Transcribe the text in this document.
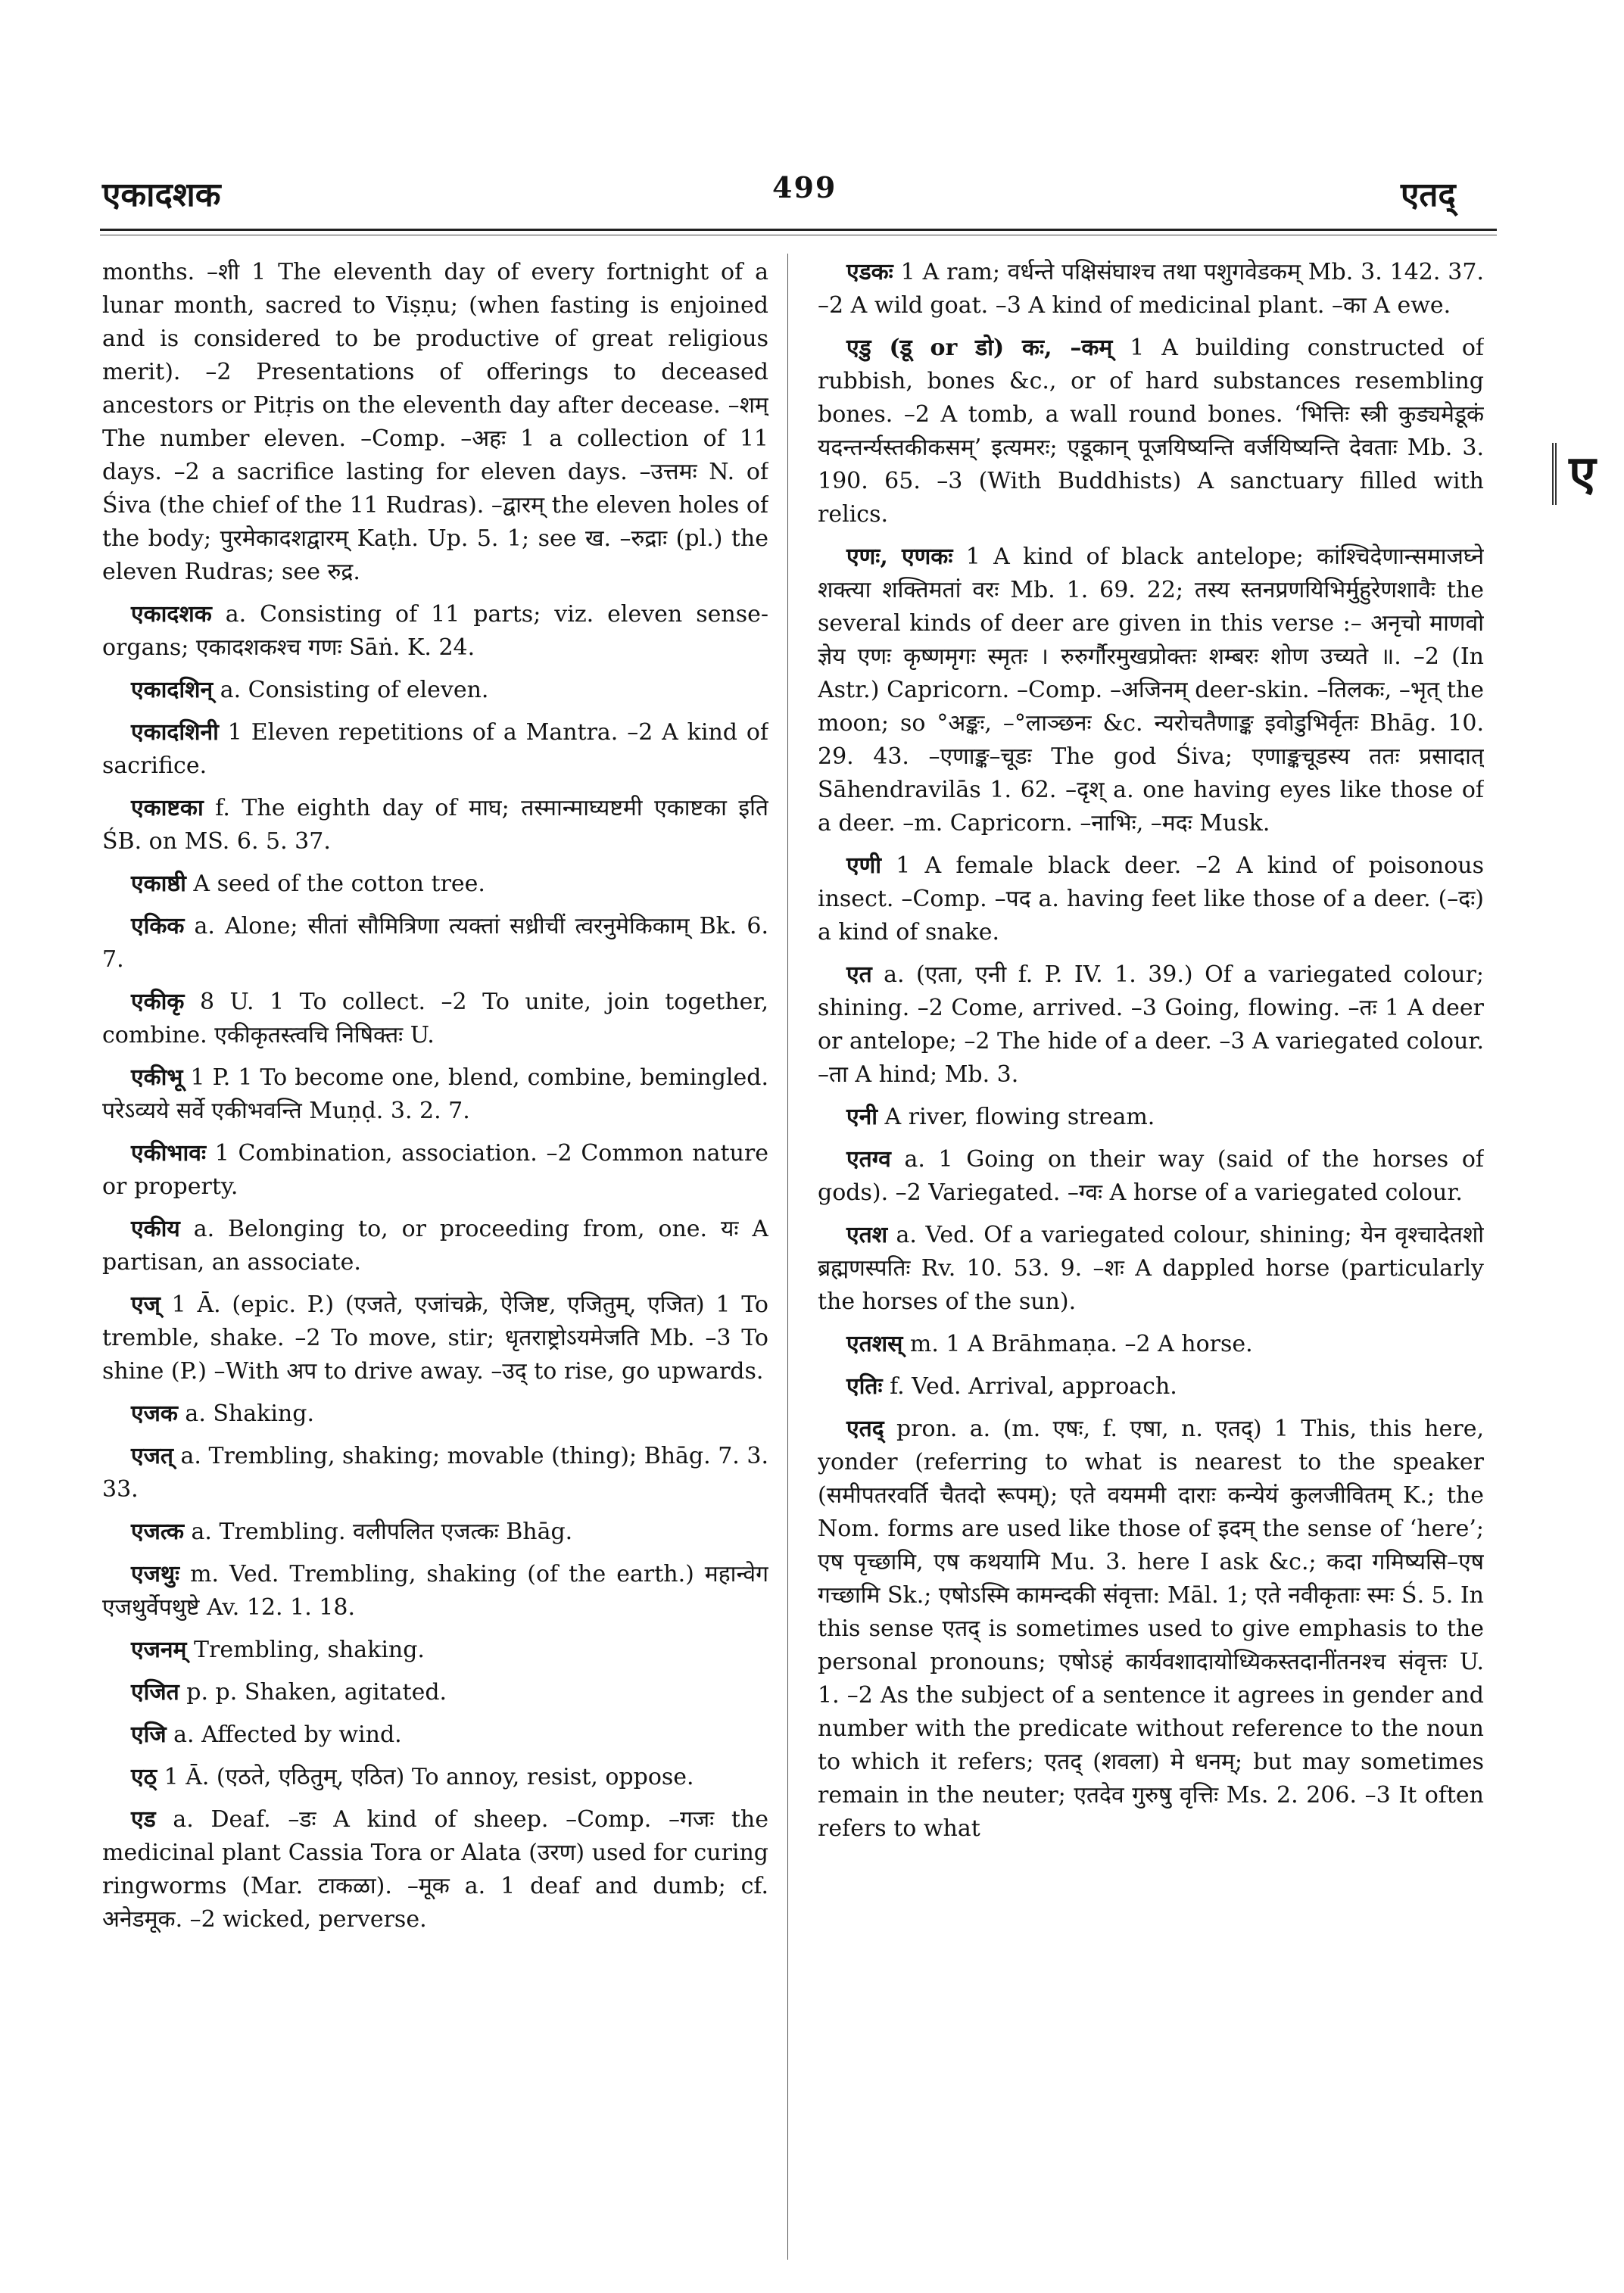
एकादशक	499	एतद्
ए

months. –शी 1 The eleventh day of every fortnight of a lunar month, sacred to Viṣṇu; (when fasting is enjoined and is considered to be productive of great religious merit). –2 Presentations of offerings to deceased ancestors or Pitṛis on the eleventh day after decease. –शम् The number eleven. –Comp. –अहः 1 a collection of 11 days. –2 a sacrifice lasting for eleven days. –उत्तमः N. of Śiva (the chief of the 11 Rudras). –द्वारम् the eleven holes of the body; पुरमेकादशद्वारम् Kaṭh. Up. 5. 1; see ख. –रुद्राः (pl.) the eleven Rudras; see रुद्र.

एकादशक a. Consisting of 11 parts; viz. eleven sense-organs; एकादशकश्च गणः Sāṅ. K. 24.

एकादशिन् a. Consisting of eleven.

एकादशिनी 1 Eleven repetitions of a Mantra. –2 A kind of sacrifice.

एकाष्टका f. The eighth day of माघ; तस्मान्माघ्यष्टमी एकाष्टका इति ŚB. on MS. 6. 5. 37.

एकाष्ठी A seed of the cotton tree.

एकिक a. Alone; सीतां सौमित्रिणा त्यक्तां सध्रीचीं त्वरनुमेकिकाम् Bk. 6. 7.

एकीकृ 8 U. 1 To collect. –2 To unite, join together, combine. एकीकृतस्त्वचि निषिक्तः U.

एकीभू 1 P. 1 To become one, blend, combine, bemingled. परेऽव्यये सर्वे एकीभवन्ति Muṇḍ. 3. 2. 7.

एकीभावः 1 Combination, association. –2 Common nature or property.

एकीय a. Belonging to, or proceeding from, one. यः A partisan, an associate.

एज् 1 Ā. (epic. P.) (एजते, एजांचक्रे, ऐजिष्ट, एजितुम्, एजित) 1 To tremble, shake. –2 To move, stir; धृतराष्ट्रोऽयमेजति Mb. –3 To shine (P.) –With अप to drive away. –उद् to rise, go upwards.

एजक a. Shaking.

एजत् a. Trembling, shaking; movable (thing); Bhāg. 7. 3. 33.

एजत्क a. Trembling. वलीपलित एजत्कः Bhāg.

एजथुः m. Ved. Trembling, shaking (of the earth.) महान्वेग एजथुर्वेपथुष्टे Av. 12. 1. 18.

एजनम् Trembling, shaking.

एजित p. p. Shaken, agitated.

एजि a. Affected by wind.

एठ् 1 Ā. (एठते, एठितुम्, एठित) To annoy, resist, oppose.

एड a. Deaf. –डः A kind of sheep. –Comp. –गजः the medicinal plant Cassia Tora or Alata (उरण) used for curing ringworms (Mar. टाकळा). –मूक a. 1 deaf and dumb; cf. अनेडमूक. –2 wicked, perverse.

एडकः 1 A ram; वर्धन्ते पक्षिसंघाश्च तथा पशुगवेडकम् Mb. 3. 142. 37. –2 A wild goat. –3 A kind of medicinal plant. –का A ewe.

एडु (डू or डो) कः, –कम् 1 A building constructed of rubbish, bones &c., or of hard substances resembling bones. –2 A tomb, a wall round bones. ‘भित्तिः स्त्री कुड्यमेडूकं यदन्तर्न्यस्तकीकसम्’ इत्यमरः; एडूकान् पूजयिष्यन्ति वर्जयिष्यन्ति देवताः Mb. 3. 190. 65. –3 (With Buddhists) A sanctuary filled with relics.

एणः, एणकः 1 A kind of black antelope; कांश्चिदेणान्समाजघ्ने शक्त्या शक्तिमतां वरः Mb. 1. 69. 22; तस्य स्तनप्रणयिभिर्मुहुरेणशावैः the several kinds of deer are given in this verse :– अनृचो माणवो ज्ञेय एणः कृष्णमृगः स्मृतः । रुरुर्गौरमुखप्रोक्तः शम्बरः शोण उच्यते ॥. –2 (In Astr.) Capricorn. –Comp. –अजिनम् deer-skin. –तिलकः, –भृत् the moon; so °अङ्कः, –°लाञ्छनः &c. न्यरोचतैणाङ्क इवोडुभिर्वृतः Bhāg. 10. 29. 43. –एणाङ्क–चूडः The god Śiva; एणाङ्कचूडस्य ततः प्रसादात् Sāhendravilās 1. 62. –दृश् a. one having eyes like those of a deer. –m. Capricorn. –नाभिः, –मदः Musk.

एणी 1 A female black deer. –2 A kind of poisonous insect. –Comp. –पद a. having feet like those of a deer. (–दः) a kind of snake.

एत a. (एता, एनी f. P. IV. 1. 39.) Of a variegated colour; shining. –2 Come, arrived. –3 Going, flowing. –तः 1 A deer or antelope; –2 The hide of a deer. –3 A variegated colour. –ता A hind; Mb. 3.

एनी A river, flowing stream.

एतग्व a. 1 Going on their way (said of the horses of gods). –2 Variegated. –ग्वः A horse of a variegated colour.

एतश a. Ved. Of a variegated colour, shining; येन वृश्चादेतशो ब्रह्मणस्पतिः Rv. 10. 53. 9. –शः A dappled horse (particularly the horses of the sun).

एतशस् m. 1 A Brāhmaṇa. –2 A horse.

एतिः f. Ved. Arrival, approach.

एतद् pron. a. (m. एषः, f. एषा, n. एतद्) 1 This, this here, yonder (referring to what is nearest to the speaker (समीपतरवर्ति चैतदो रूपम्); एते वयममी दाराः कन्येयं कुलजीवितम् K.; the Nom. forms are used like those of इदम् the sense of ‘here’; एष पृच्छामि, एष कथयामि Mu. 3. here I ask &c.; कदा गमिष्यसि–एष गच्छामि Sk.; एषोऽस्मि कामन्दकी संवृत्ता: Māl. 1; एते नवीकृताः स्मः Ś. 5. In this sense एतद् is sometimes used to give emphasis to the personal pronouns; एषोऽहं कार्यवशादायोध्यिकस्तदानींतनश्च संवृत्तः U. 1. –2 As the subject of a sentence it agrees in gender and number with the predicate without reference to the noun to which it refers; एतद् (शवला) मे धनम्; but may sometimes remain in the neuter; एतदेव गुरुषु वृत्तिः Ms. 2. 206. –3 It often refers to what
